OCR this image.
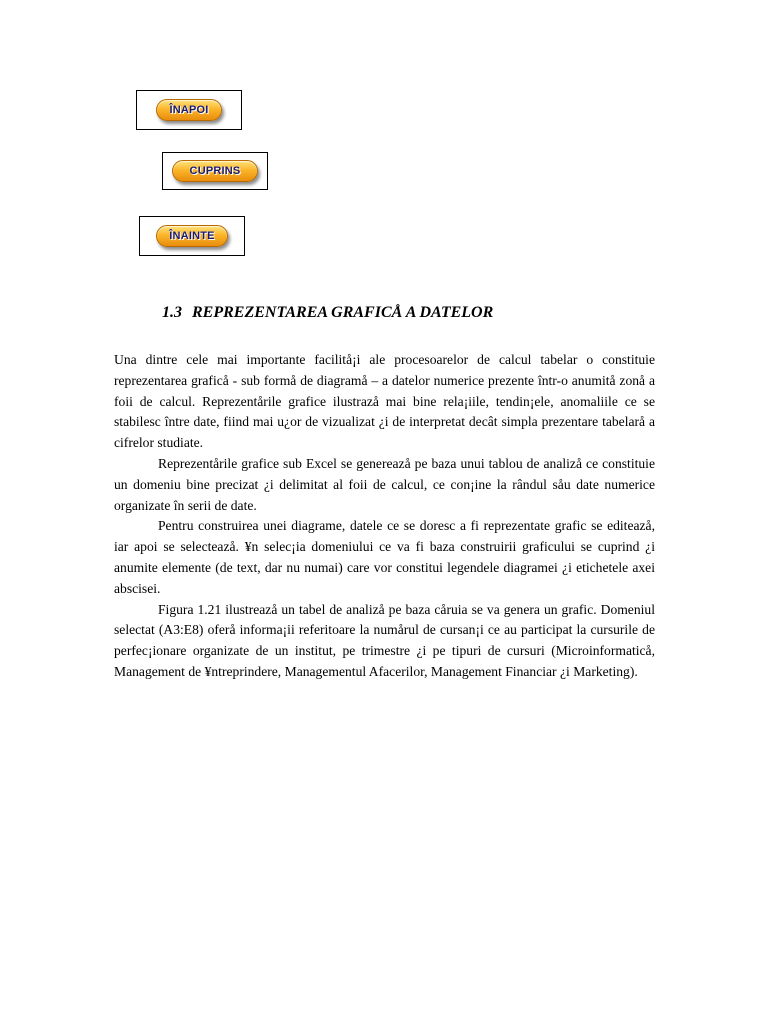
ÎNAPOI
CUPRINS
ÎNAINTE
1.3 REPREZENTAREA GRAFICÅ A DATELOR

Una dintre cele mai importante facilitå¡i ale procesoarelor de calcul tabelar o constituie reprezentarea graficå - sub formå de diagramå – a datelor numerice prezente într-o anumitå zonå a foii de calcul. Reprezentårile grafice ilustrazå mai bine rela¡iile, tendin¡ele, anomaliile ce se stabilesc între date, fiind mai u¿or de vizualizat ¿i de interpretat decât simpla prezentare tabelarå a cifrelor studiate.

Reprezentårile grafice sub Excel se genereazå pe baza unui tablou de analizå ce constituie un domeniu bine precizat ¿i delimitat al foii de calcul, ce con¡ine la rândul såu date numerice organizate în serii de date.

Pentru construirea unei diagrame, datele ce se doresc a fi reprezentate grafic se editeazå, iar apoi se selecteazå. ¥n selec¡ia domeniului ce va fi baza construirii graficului se cuprind ¿i anumite elemente (de text, dar nu numai) care vor constitui legendele diagramei ¿i etichetele axei abscisei.

Figura 1.21 ilustreazå un tabel de analizå pe baza cåruia se va genera un grafic. Domeniul selectat (A3:E8) oferå informa¡ii referitoare la numårul de cursan¡i ce au participat la cursurile de perfec¡ionare organizate de un institut, pe trimestre ¿i pe tipuri de cursuri (Microinformaticå, Management de ¥ntreprindere, Managementul Afacerilor, Management Financiar ¿i Marketing).
